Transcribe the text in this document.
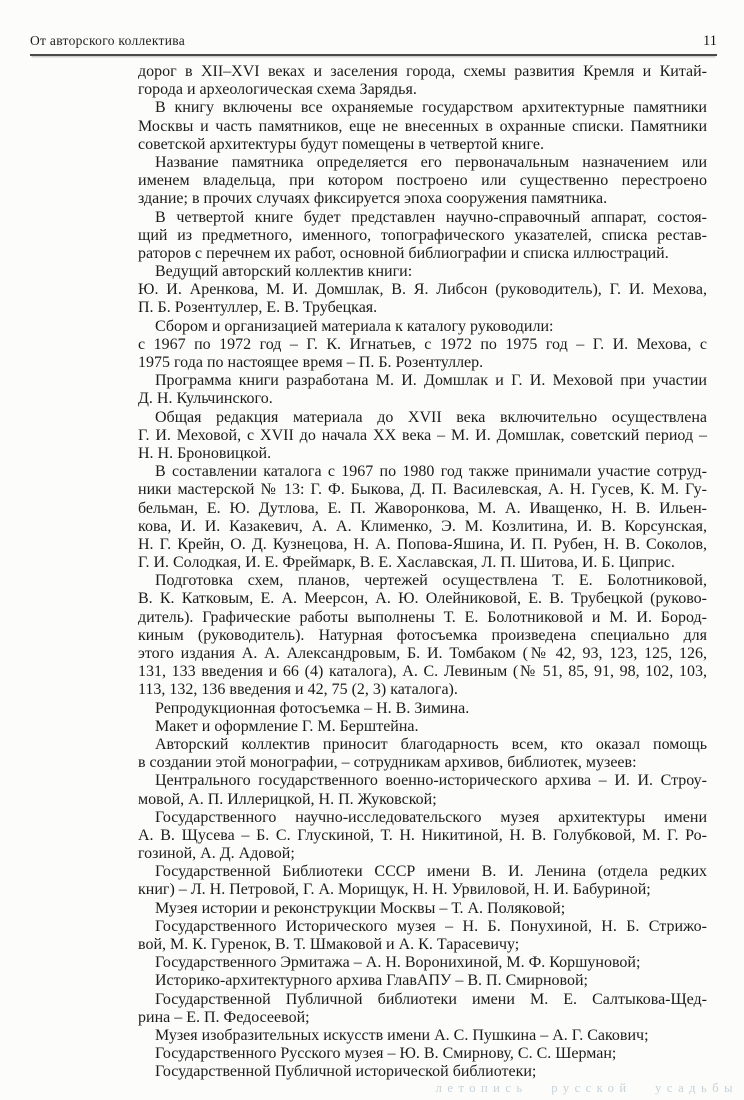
От авторского коллектива	11
дорог в XII–XVI веках и заселения города, схемы развития Кремля и Китай-
города и археологическая схема Зарядья.
В книгу включены все охраняемые государством архитектурные памятники
Москвы и часть памятников, еще не внесенных в охранные списки. Памятники
советской архитектуры будут помещены в четвертой книге.
Название памятника определяется его первоначальным назначением или
именем владельца, при котором построено или существенно перестроено
здание; в прочих случаях фиксируется эпоха сооружения памятника.
В четвертой книге будет представлен научно-справочный аппарат, состоя-
щий из предметного, именного, топографического указателей, списка рестав-
раторов с перечнем их работ, основной библиографии и списка иллюстраций.
Ведущий авторский коллектив книги:
Ю. И. Аренкова, М. И. Домшлак, В. Я. Либсон (руководитель), Г. И. Мехова,
П. Б. Розентуллер, Е. В. Трубецкая.
Сбором и организацией материала к каталогу руководили:
с 1967 по 1972 год – Г. К. Игнатьев, с 1972 по 1975 год – Г. И. Мехова, с
1975 года по настоящее время – П. Б. Розентуллер.
Программа книги разработана М. И. Домшлак и Г. И. Меховой при участии
Д. Н. Кульчинского.
Общая редакция материала до XVII века включительно осуществлена
Г. И. Меховой, с XVII до начала XX века – М. И. Домшлак, советский период –
Н. Н. Броновицкой.
В составлении каталога с 1967 по 1980 год также принимали участие сотруд-
ники мастерской № 13: Г. Ф. Быкова, Д. П. Василевская, А. Н. Гусев, К. М. Гу-
бельман, Е. Ю. Дутлова, Е. П. Жаворонкова, М. А. Иващенко, Н. В. Ильен-
кова, И. И. Казакевич, А. А. Клименко, Э. М. Козлитина, И. В. Корсунская,
Н. Г. Крейн, О. Д. Кузнецова, Н. А. Попова-Яшина, И. П. Рубен, Н. В. Соколов,
Г. И. Солодкая, И. Е. Фреймарк, В. Е. Хаславская, Л. П. Шитова, И. Б. Циприс.
Подготовка схем, планов, чертежей осуществлена Т. Е. Болотниковой,
В. К. Катковым, Е. А. Меерсон, А. Ю. Олейниковой, Е. В. Трубецкой (руково-
дитель). Графические работы выполнены Т. Е. Болотниковой и М. И. Бород-
киным (руководитель). Натурная фотосъемка произведена специально для
этого издания А. А. Александровым, Б. И. Томбаком (№ 42, 93, 123, 125, 126,
131, 133 введения и 66 (4) каталога), А. С. Левиным (№ 51, 85, 91, 98, 102, 103,
113, 132, 136 введения и 42, 75 (2, 3) каталога).
Репродукционная фотосъемка – Н. В. Зимина.
Макет и оформление Г. М. Берштейна.
Авторский коллектив приносит благодарность всем, кто оказал помощь
в создании этой монографии, – сотрудникам архивов, библиотек, музеев:
Центрального государственного военно-исторического архива – И. И. Строу-
мовой, А. П. Иллерицкой, Н. П. Жуковской;
Государственного научно-исследовательского музея архитектуры имени
А. В. Щусева – Б. С. Глускиной, Т. Н. Никитиной, Н. В. Голубковой, М. Г. Ро-
гозиной, А. Д. Адовой;
Государственной Библиотеки СССР имени В. И. Ленина (отдела редких
книг) – Л. Н. Петровой, Г. А. Морищук, Н. Н. Урвиловой, Н. И. Бабуриной;
Музея истории и реконструкции Москвы – Т. А. Поляковой;
Государственного Исторического музея – Н. Б. Понухиной, Н. Б. Стрижо-
вой, М. К. Гуренок, В. Т. Шмаковой и А. К. Тарасевичу;
Государственного Эрмитажа – А. Н. Воронихиной, М. Ф. Коршуновой;
Историко-архитектурного архива ГлавАПУ – В. П. Смирновой;
Государственной Публичной библиотеки имени М. Е. Салтыкова-Щед-
рина – Е. П. Федосеевой;
Музея изобразительных искусств имени А. С. Пушкина – А. Г. Сакович;
Государственного Русского музея – Ю. В. Смирнову, С. С. Шерман;
Государственной Публичной исторической библиотеки;
летопись русской усадьбы
